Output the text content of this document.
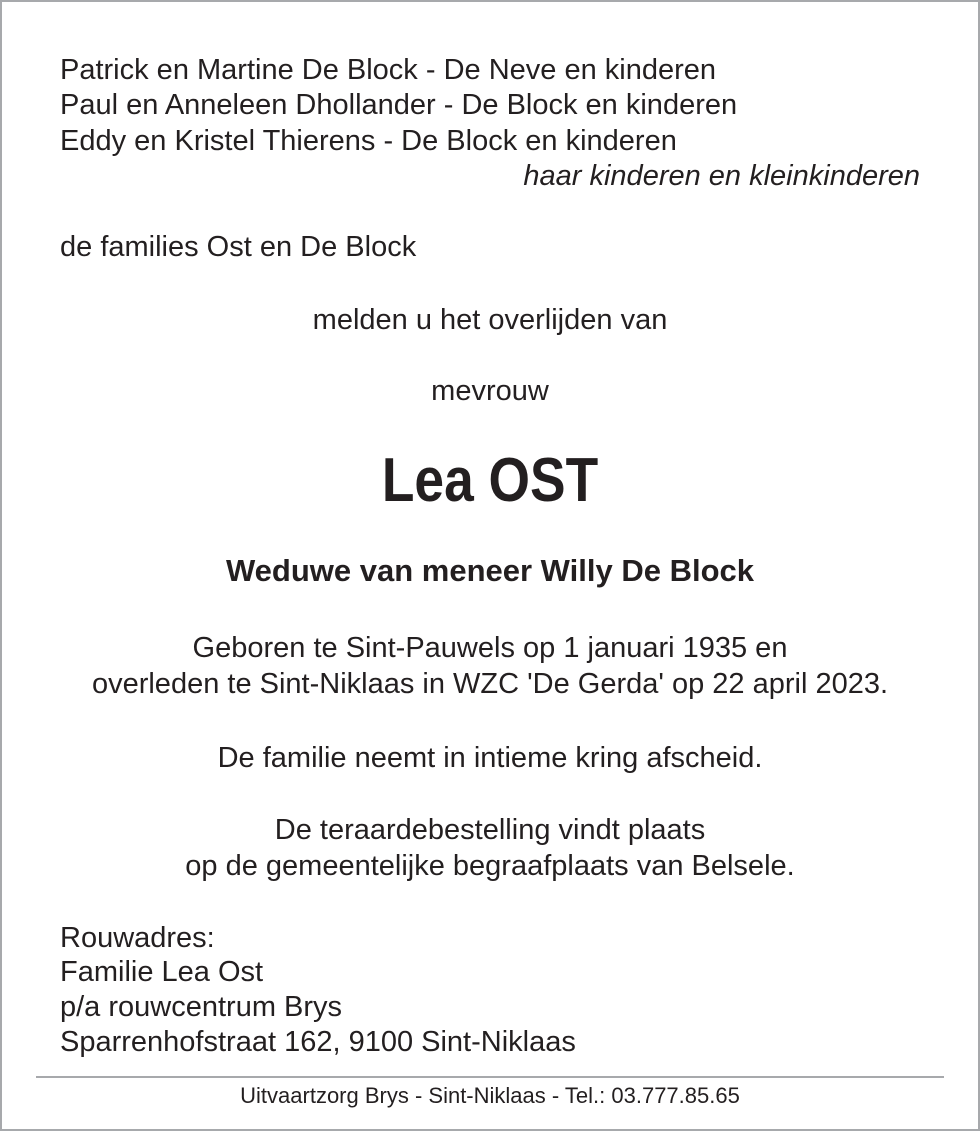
Patrick en Martine De Block - De Neve en kinderen
Paul en Anneleen Dhollander - De Block en kinderen
Eddy en Kristel Thierens - De Block en kinderen
haar kinderen en kleinkinderen
de families Ost en De Block
melden u het overlijden van
mevrouw
Lea OST
Weduwe van meneer Willy De Block
Geboren te Sint-Pauwels op 1 januari 1935 en
overleden te Sint-Niklaas in WZC 'De Gerda' op 22 april 2023.
De familie neemt in intieme kring afscheid.
De teraardebestelling vindt plaats
op de gemeentelijke begraafplaats van Belsele.
Rouwadres:
Familie Lea Ost
p/a rouwcentrum Brys
Sparrenhofstraat 162, 9100 Sint-Niklaas
Uitvaartzorg Brys - Sint-Niklaas - Tel.: 03.777.85.65
